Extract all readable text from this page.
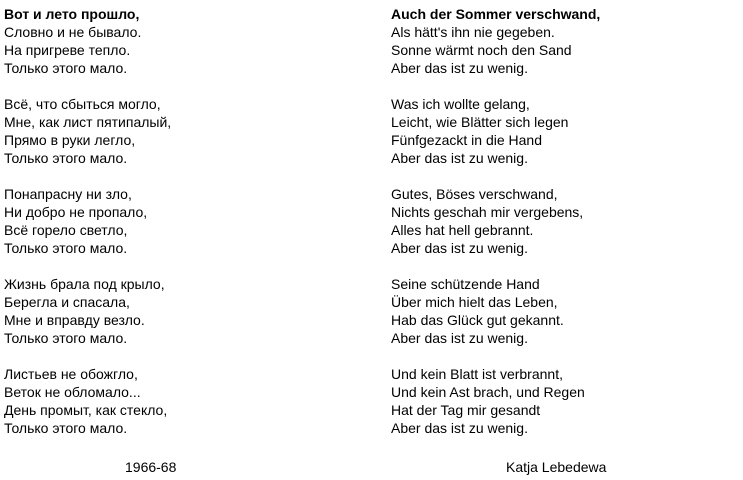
Вот и лето прошло,
Словно и не бывало.
На пригреве тепло.
Только этого мало.
Всё, что сбыться могло,
Мне, как лист пятипалый,
Прямо в руки легло,
Только этого мало.
Понапрасну ни зло,
Ни добро не пропало,
Всё горело светло,
Только этого мало.
Жизнь брала под крыло,
Берегла и спасала,
Мне и вправду везло.
Только этого мало.
Листьев не обожгло,
Веток не обломало...
День промыт, как стекло,
Только этого мало.
Auch der Sommer verschwand,
Als hätt's ihn nie gegeben.
Sonne wärmt noch den Sand
Aber das ist zu wenig.
Was ich wollte gelang,
Leicht, wie Blätter sich legen
Fünfgezackt in die Hand
Aber das ist zu wenig.
Gutes, Böses verschwand,
Nichts geschah mir vergebens,
Alles hat hell gebrannt.
Aber das ist zu wenig.
Seine schützende Hand
Über mich hielt das Leben,
Hab das Glück gut gekannt.
Aber das ist zu wenig.
Und kein Blatt ist verbrannt,
Und kein Ast brach, und Regen
Hat der Tag mir gesandt
Aber das ist zu wenig.
1966-68	Katja Lebedewa
